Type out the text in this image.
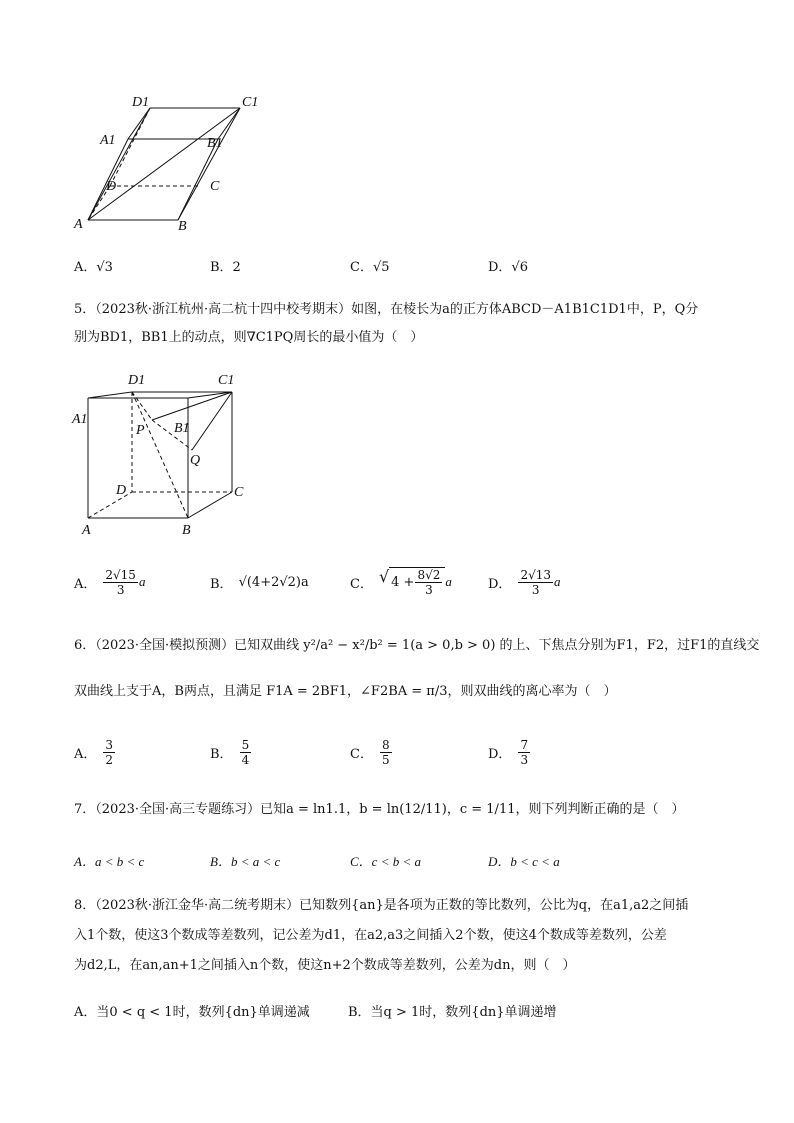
D1	C1
A1	B1
D	C
A	B
A．√3	B．2	C．√5	D．√6
5．（2023秋·浙江杭州·高二杭十四中校考期末）如图，在棱长为a的正方体ABCD－A1B1C1D1中，P，Q分
别为BD1，BB1上的动点，则∇C1PQ周长的最小值为（　）
D1	C1
A1
P B1
Q
D	C
A	B
A． $\frac{2√15}{3}$ a	B． √(4+2√2)a	C． √ $4 + \frac{8√2}{3}$ a	D． $\frac{2√13}{3}$ a
6．（2023·全国·模拟预测）已知双曲线 y²/a² − x²/b² = 1(a > 0,b > 0) 的上、下焦点分别为F1，F2，过F1的直线交
双曲线上支于A，B两点，且满足 F1A = 2BF1，∠F2BA = π/3，则双曲线的离心率为（　）
A． $\frac{3}{2}$	B． $\frac{5}{4}$	C． $\frac{8}{5}$	D． $\frac{7}{3}$
7．（2023·全国·高三专题练习）已知a = ln1.1，b = ln(12/11)，c = 1/11，则下列判断正确的是（　）
A．a < b < c	B．b < a < c	C．c < b < a	D．b < c < a
8．（2023秋·浙江金华·高二统考期末）已知数列{an}是各项为正数的等比数列，公比为q，在a1,a2之间插
入1个数，使这3个数成等差数列，记公差为d1，在a2,a3之间插入2个数，使这4个数成等差数列，公差
为d2,L，在an,an+1之间插入n个数，使这n+2个数成等差数列，公差为dn，则（　）
A．当0 < q < 1时，数列{dn}单调递减	B．当q > 1时，数列{dn}单调递增
